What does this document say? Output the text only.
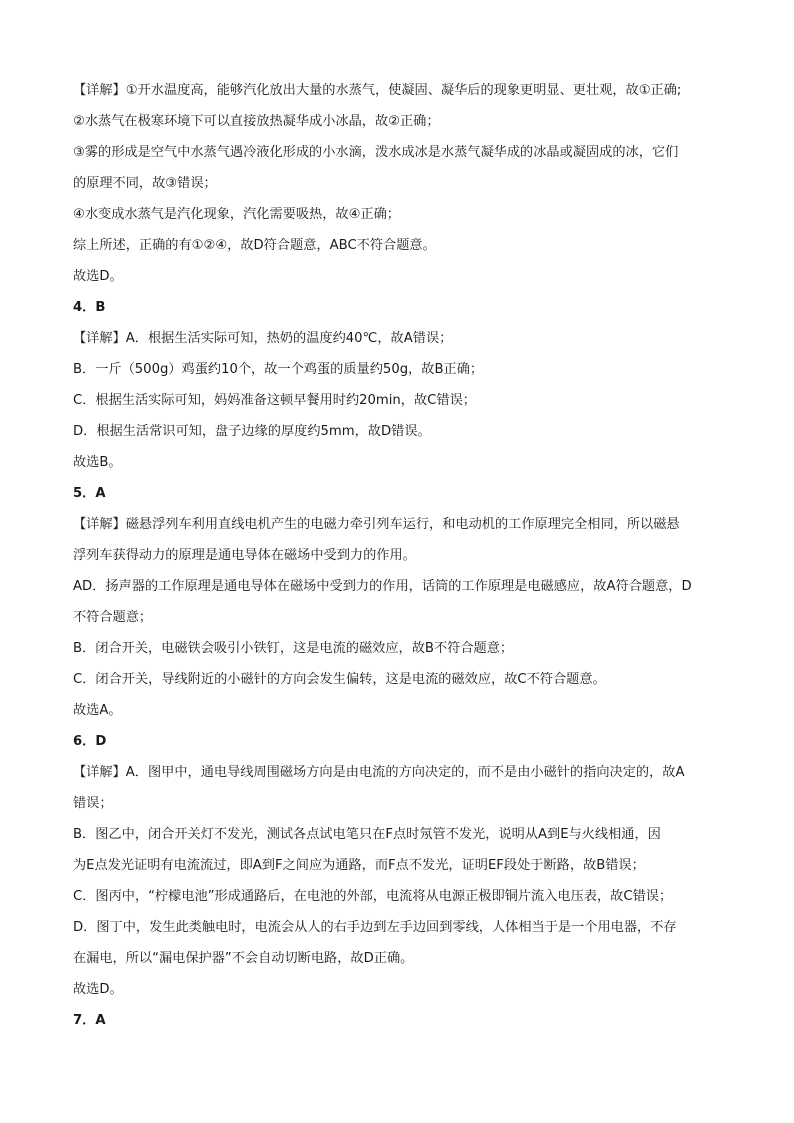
【详解】①开水温度高，能够汽化放出大量的水蒸气，使凝固、凝华后的现象更明显、更壮观，故①正确;
②水蒸气在极寒环境下可以直接放热凝华成小冰晶，故②正确；
③雾的形成是空气中水蒸气遇冷液化形成的小水滴，泼水成冰是水蒸气凝华成的冰晶或凝固成的冰，它们
的原理不同，故③错误；
④水变成水蒸气是汽化现象，汽化需要吸热，故④正确；
综上所述，正确的有①②④，故D符合题意，ABC不符合题意。
故选D。
4．B
【详解】A．根据生活实际可知，热奶的温度约40℃，故A错误；
B．一斤（500g）鸡蛋约10个，故一个鸡蛋的质量约50g，故B正确；
C．根据生活实际可知，妈妈准备这顿早餐用时约20min，故C错误；
D．根据生活常识可知，盘子边缘的厚度约5mm，故D错误。
故选B。
5．A
【详解】磁悬浮列车利用直线电机产生的电磁力牵引列车运行，和电动机的工作原理完全相同，所以磁悬
浮列车获得动力的原理是通电导体在磁场中受到力的作用。
AD．扬声器的工作原理是通电导体在磁场中受到力的作用，话筒的工作原理是电磁感应，故A符合题意，D
不符合题意；
B．闭合开关，电磁铁会吸引小铁钉，这是电流的磁效应，故B不符合题意；
C．闭合开关，导线附近的小磁针的方向会发生偏转，这是电流的磁效应，故C不符合题意。
故选A。
6．D
【详解】A．图甲中，通电导线周围磁场方向是由电流的方向决定的，而不是由小磁针的指向决定的，故A
错误；
B．图乙中，闭合开关灯不发光，测试各点试电笔只在F点时氖管不发光，说明从A到E与火线相通，因
为E点发光证明有电流流过，即A到F之间应为通路，而F点不发光，证明EF段处于断路，故B错误；
C．图丙中，“柠檬电池”形成通路后，在电池的外部，电流将从电源正极即铜片流入电压表，故C错误；
D．图丁中，发生此类触电时，电流会从人的右手边到左手边回到零线，人体相当于是一个用电器，不存
在漏电，所以“漏电保护器”不会自动切断电路，故D正确。
故选D。
7．A
